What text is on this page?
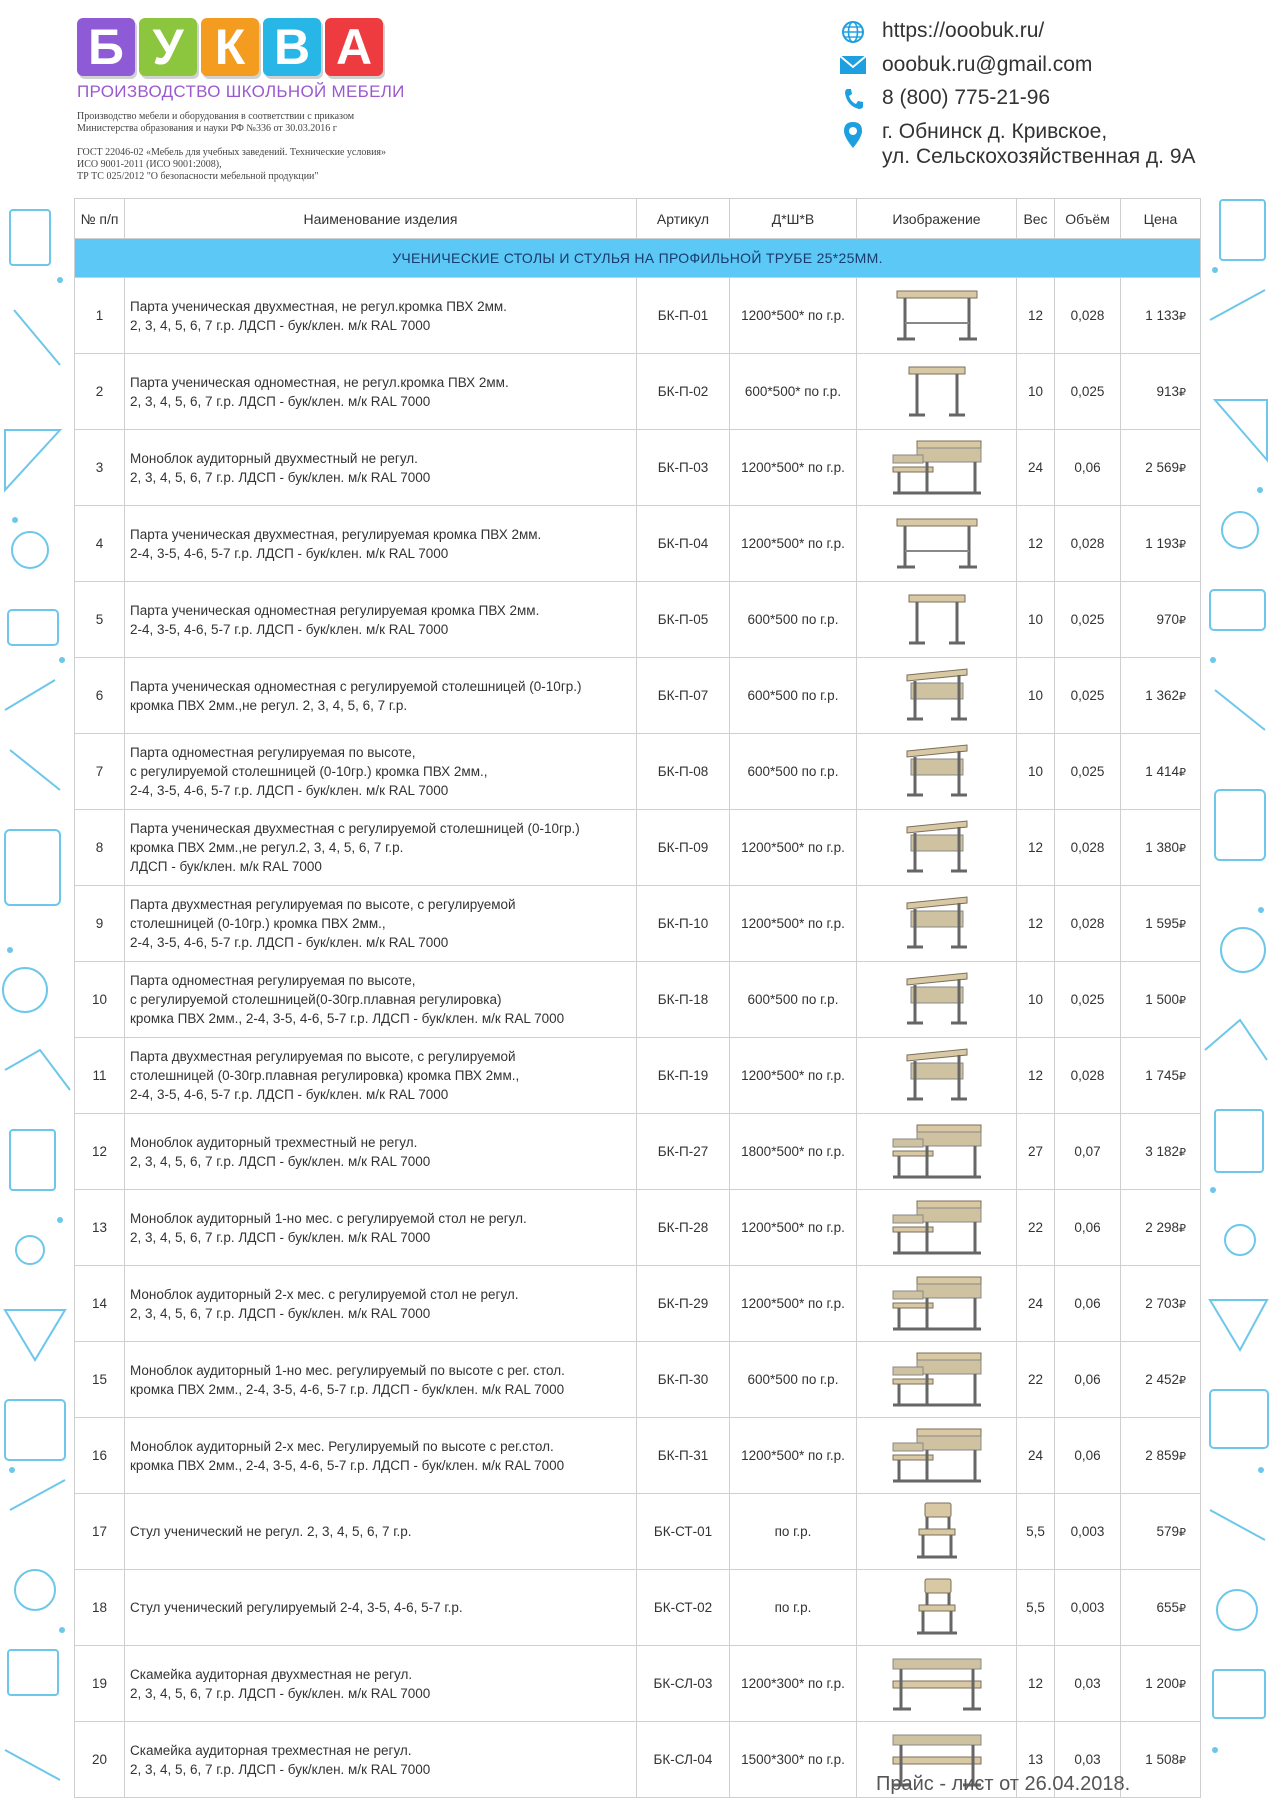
Б У К В А
ПРОИЗВОДСТВО ШКОЛЬНОЙ МЕБЕЛИ
Производство мебели и оборудования в соответствии с приказом
Министерства образования и науки РФ №336 от 30.03.2016 г
ГОСТ 22046-02 «Мебель для учебных заведений. Технические условия»
ИСО 9001-2011 (ИСО 9001:2008),
ТР ТС 025/2012 "О безопасности мебельной продукции"
https://ooobuk.ru/
ooobuk.ru@gmail.com
8 (800) 775-21-96
г. Обнинск д. Кривское,
ул. Сельскохозяйственная д. 9А
№ п/п	Наименование изделия	Артикул	Д*Ш*В	Изображение	Вес	Объём	Цена
УЧЕНИЧЕСКИЕ СТОЛЫ И СТУЛЬЯ НА ПРОФИЛЬНОЙ ТРУБЕ 25*25ММ.							
1	Парта ученическая двухместная, не регул.кромка ПВХ 2мм.
2, 3, 4, 5, 6, 7 г.р. ЛДСП - бук/клен. м/к RAL 7000	БК-П-01	1200*500* по г.р.		12	0,028	1 133₽
2	Парта ученическая одноместная, не регул.кромка ПВХ 2мм.
2, 3, 4, 5, 6, 7 г.р. ЛДСП - бук/клен. м/к RAL 7000	БК-П-02	600*500* по г.р.		10	0,025	913₽
3	Моноблок аудиторный двухместный не регул.
2, 3, 4, 5, 6, 7 г.р. ЛДСП - бук/клен. м/к RAL 7000	БК-П-03	1200*500* по г.р.		24	0,06	2 569₽
4	Парта ученическая двухместная, регулируемая кромка ПВХ 2мм.
2-4, 3-5, 4-6, 5-7 г.р. ЛДСП - бук/клен. м/к RAL 7000	БК-П-04	1200*500* по г.р.		12	0,028	1 193₽
5	Парта ученическая одноместная регулируемая кромка ПВХ 2мм.
2-4, 3-5, 4-6, 5-7 г.р. ЛДСП - бук/клен. м/к RAL 7000	БК-П-05	600*500 по г.р.		10	0,025	970₽
6	Парта ученическая одноместная с регулируемой столешницей (0-10гр.)
кромка ПВХ 2мм.,не регул. 2, 3, 4, 5, 6, 7 г.р.	БК-П-07	600*500 по г.р.		10	0,025	1 362₽
7	Парта одноместная регулируемая по высоте,
с регулируемой столешницей (0-10гр.) кромка ПВХ 2мм.,
2-4, 3-5, 4-6, 5-7 г.р. ЛДСП - бук/клен. м/к RAL 7000	БК-П-08	600*500 по г.р.		10	0,025	1 414₽
8	Парта ученическая двухместная с регулируемой столешницей (0-10гр.)
кромка ПВХ 2мм.,не регул.2, 3, 4, 5, 6, 7 г.р.
ЛДСП - бук/клен. м/к RAL 7000	БК-П-09	1200*500* по г.р.		12	0,028	1 380₽
9	Парта двухместная регулируемая по высоте, с регулируемой
столешницей (0-10гр.) кромка ПВХ 2мм.,
2-4, 3-5, 4-6, 5-7 г.р. ЛДСП - бук/клен. м/к RAL 7000	БК-П-10	1200*500* по г.р.		12	0,028	1 595₽
10	Парта одноместная регулируемая по высоте,
с регулируемой столешницей(0-30гр.плавная регулировка)
кромка ПВХ 2мм., 2-4, 3-5, 4-6, 5-7 г.р. ЛДСП - бук/клен. м/к RAL 7000	БК-П-18	600*500 по г.р.		10	0,025	1 500₽
11	Парта двухместная регулируемая по высоте, с регулируемой
столешницей (0-30гр.плавная регулировка) кромка ПВХ 2мм.,
2-4, 3-5, 4-6, 5-7 г.р. ЛДСП - бук/клен. м/к RAL 7000	БК-П-19	1200*500* по г.р.		12	0,028	1 745₽
12	Моноблок аудиторный трехместный не регул.
2, 3, 4, 5, 6, 7 г.р. ЛДСП - бук/клен. м/к RAL 7000	БК-П-27	1800*500* по г.р.		27	0,07	3 182₽
13	Моноблок аудиторный 1-но мес. с регулируемой стол не регул.
2, 3, 4, 5, 6, 7 г.р. ЛДСП - бук/клен. м/к RAL 7000	БК-П-28	1200*500* по г.р.		22	0,06	2 298₽
14	Моноблок аудиторный 2-х мес. с регулируемой стол не регул.
2, 3, 4, 5, 6, 7 г.р. ЛДСП - бук/клен. м/к RAL 7000	БК-П-29	1200*500* по г.р.		24	0,06	2 703₽
15	Моноблок аудиторный 1-но мес. регулируемый по высоте с рег. стол.
кромка ПВХ 2мм., 2-4, 3-5, 4-6, 5-7 г.р. ЛДСП - бук/клен. м/к RAL 7000	БК-П-30	600*500 по г.р.		22	0,06	2 452₽
16	Моноблок аудиторный 2-х мес. Регулируемый по высоте с рег.стол.
кромка ПВХ 2мм., 2-4, 3-5, 4-6, 5-7 г.р. ЛДСП - бук/клен. м/к RAL 7000	БК-П-31	1200*500* по г.р.		24	0,06	2 859₽
17	Стул ученический не регул. 2, 3, 4, 5, 6, 7 г.р.	БК-СТ-01	по г.р.		5,5	0,003	579₽
18	Стул ученический регулируемый 2-4, 3-5, 4-6, 5-7 г.р.	БК-СТ-02	по г.р.		5,5	0,003	655₽
19	Скамейка аудиторная двухместная не регул.
2, 3, 4, 5, 6, 7 г.р. ЛДСП - бук/клен. м/к RAL 7000	БК-СЛ-03	1200*300* по г.р.		12	0,03	1 200₽
20	Скамейка аудиторная трехместная не регул.
2, 3, 4, 5, 6, 7 г.р. ЛДСП - бук/клен. м/к RAL 7000	БК-СЛ-04	1500*300* по г.р.		13	0,03	1 508₽
Прайс - лист от 26.04.2018.
